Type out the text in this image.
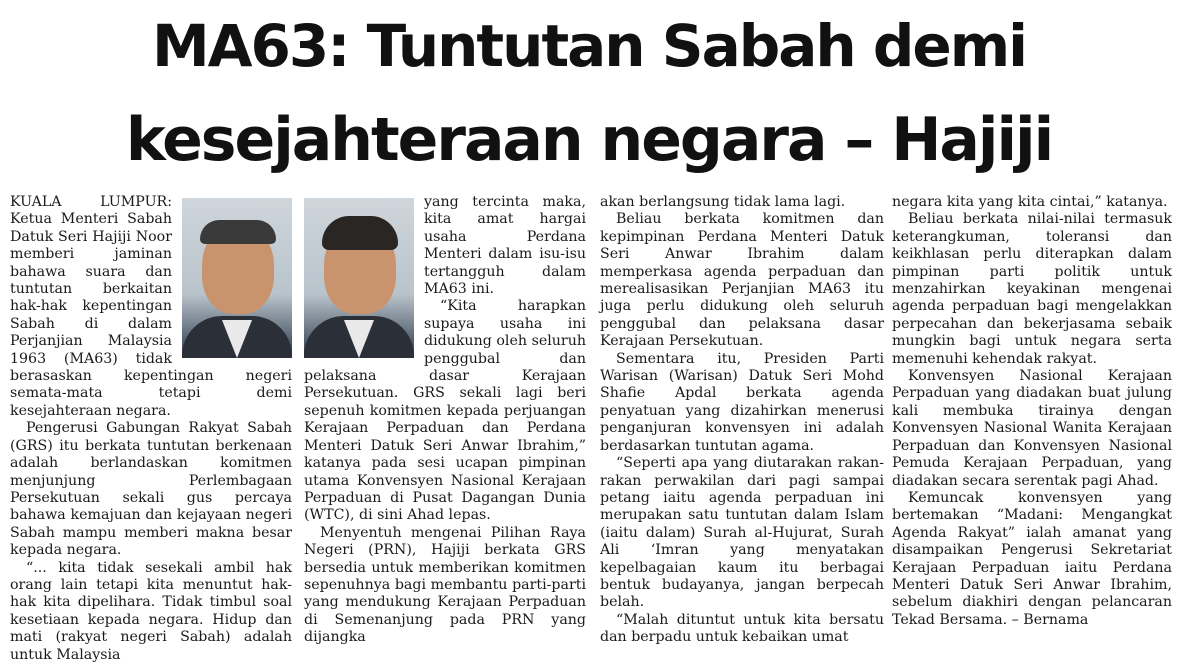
MA63: Tuntutan Sabah demi
kesejahteraan negara – Hajiji

KUALA LUMPUR: Ketua Menteri Sabah Datuk Seri Hajiji Noor memberi jaminan bahawa suara dan tuntutan berkaitan hak-hak kepentingan Sabah di dalam Perjanjian Malaysia 1963 (MA63) tidak berasaskan kepentingan negeri semata-mata tetapi demi kesejahteraan negara.

Pengerusi Gabungan Rakyat Sabah (GRS) itu berkata tuntutan berkenaan adalah berlandaskan komitmen menjunjung Perlembagaan Persekutuan sekali gus percaya bahawa kemajuan dan kejayaan negeri Sabah mampu memberi makna besar kepada negara.

“... kita tidak sesekali ambil hak orang lain tetapi kita menuntut hak-hak kita dipelihara. Tidak timbul soal kesetiaan kepada negara. Hidup dan mati (rakyat negeri Sabah) adalah untuk Malaysia

yang tercinta maka, kita amat hargai usaha Perdana Menteri dalam isu-isu tertangguh dalam MA63 ini.

“Kita harapkan supaya usaha ini didukung oleh seluruh penggubal dan pelaksana dasar Kerajaan Persekutuan. GRS sekali lagi beri sepenuh komitmen kepada perjuangan Kerajaan Perpaduan dan Perdana Menteri Datuk Seri Anwar Ibrahim,” katanya pada sesi ucapan pimpinan utama Konvensyen Nasional Kerajaan Perpaduan di Pusat Dagangan Dunia (WTC), di sini Ahad lepas.

Menyentuh mengenai Pilihan Raya Negeri (PRN), Hajiji berkata GRS bersedia untuk memberikan komitmen sepenuhnya bagi membantu parti-parti yang mendukung Kerajaan Perpaduan di Semenanjung pada PRN yang dijangka

akan berlangsung tidak lama lagi.

Beliau berkata komitmen dan kepimpinan Perdana Menteri Datuk Seri Anwar Ibrahim dalam memperkasa agenda perpaduan dan merealisasikan Perjanjian MA63 itu juga perlu didukung oleh seluruh penggubal dan pelaksana dasar Kerajaan Persekutuan.

Sementara itu, Presiden Parti Warisan (Warisan) Datuk Seri Mohd Shafie Apdal berkata agenda penyatuan yang dizahirkan menerusi penganjuran konvensyen ini adalah berdasarkan tuntutan agama.

“Seperti apa yang diutarakan rakan-rakan perwakilan dari pagi sampai petang iaitu agenda perpaduan ini merupakan satu tuntutan dalam Islam (iaitu dalam) Surah al-Hujurat, Surah Ali ‘Imran yang menyatakan kepelbagaian kaum itu berbagai bentuk budayanya, jangan berpecah belah.

“Malah dituntut untuk kita bersatu dan berpadu untuk kebaikan umat

negara kita yang kita cintai,” katanya.

Beliau berkata nilai-nilai termasuk keterangkuman, toleransi dan keikhlasan perlu diterapkan dalam pimpinan parti politik untuk menzahirkan keyakinan mengenai agenda perpaduan bagi mengelakkan perpecahan dan bekerjasama sebaik mungkin bagi untuk negara serta memenuhi kehendak rakyat.

Konvensyen Nasional Kerajaan Perpaduan yang diadakan buat julung kali membuka tirainya dengan Konvensyen Nasional Wanita Kerajaan Perpaduan dan Konvensyen Nasional Pemuda Kerajaan Perpaduan, yang diadakan secara serentak pagi Ahad.

Kemuncak konvensyen yang bertemakan “Madani: Mengangkat Agenda Rakyat” ialah amanat yang disampaikan Pengerusi Sekretariat Kerajaan Perpaduan iaitu Perdana Menteri Datuk Seri Anwar Ibrahim, sebelum diakhiri dengan pelancaran Tekad Bersama. – Bernama
